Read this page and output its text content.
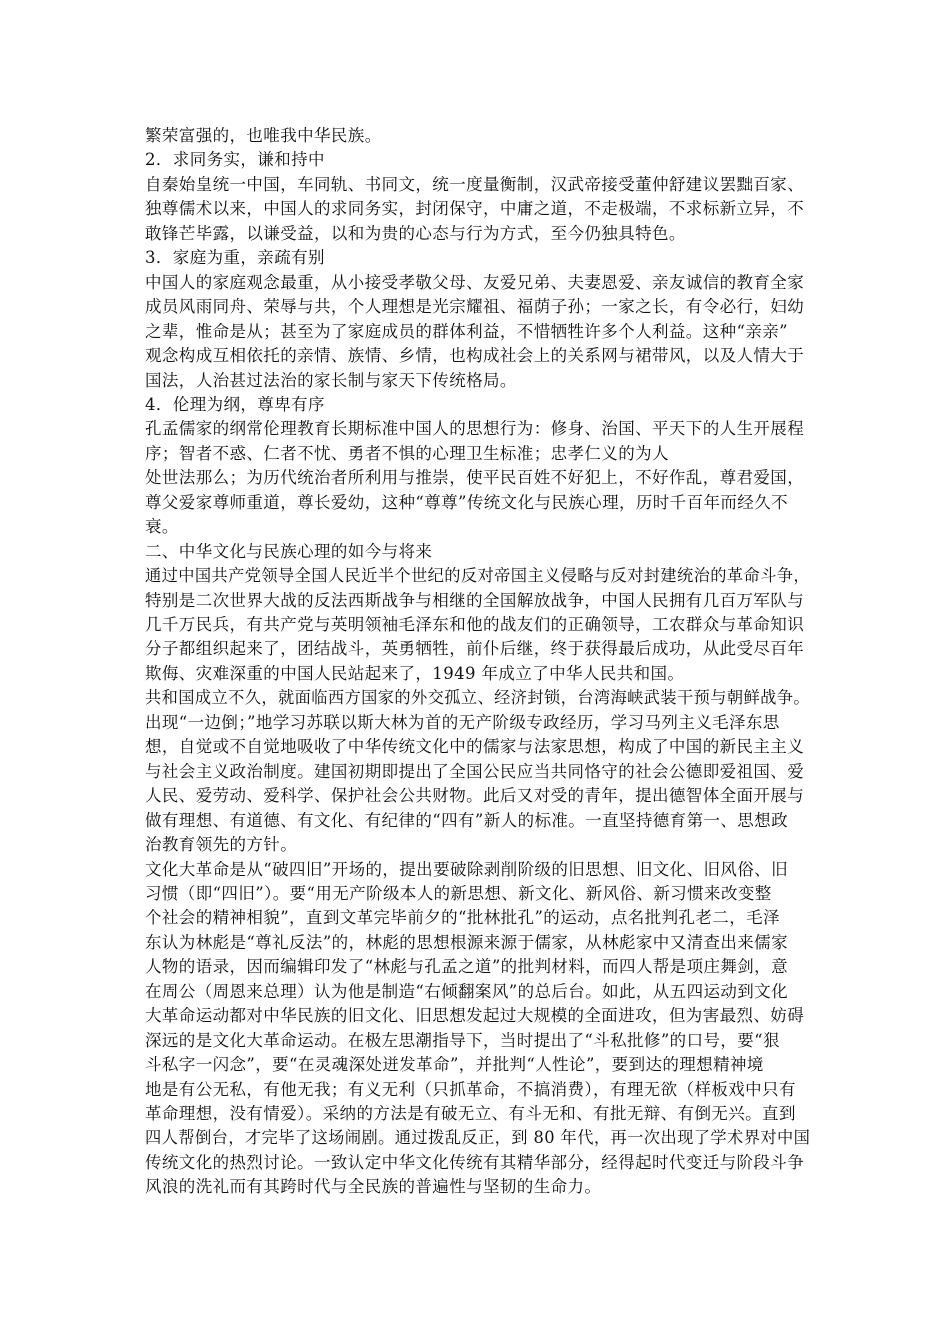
繁荣富强的，也唯我中华民族。
2．求同务实，谦和持中
自秦始皇统一中国，车同轨、书同文，统一度量衡制，汉武帝接受董仲舒建议罢黜百家、
独尊儒术以来，中国人的求同务实，封闭保守，中庸之道，不走极端，不求标新立异，不
敢锋芒毕露，以谦受益，以和为贵的心态与行为方式，至今仍独具特色。
3．家庭为重，亲疏有别
中国人的家庭观念最重，从小接受孝敬父母、友爱兄弟、夫妻恩爱、亲友诚信的教育全家
成员风雨同舟、荣辱与共，个人理想是光宗耀祖、福荫子孙；一家之长，有令必行，妇幼
之辈，惟命是从；甚至为了家庭成员的群体利益，不惜牺牲许多个人利益。这种“亲亲”
观念构成互相依托的亲情、族情、乡情，也构成社会上的关系网与裙带风，以及人情大于
国法，人治甚过法治的家长制与家天下传统格局。
4．伦理为纲，尊卑有序
孔孟儒家的纲常伦理教育长期标准中国人的思想行为：修身、治国、平天下的人生开展程
序；智者不惑、仁者不忧、勇者不惧的心理卫生标准；忠孝仁义的为人
处世法那么；为历代统治者所利用与推崇，使平民百姓不好犯上，不好作乱，尊君爱国，
尊父爱家尊师重道，尊长爱幼，这种“尊尊”传统文化与民族心理，历时千百年而经久不
衰。
二、中华文化与民族心理的如今与将来
通过中国共产党领导全国人民近半个世纪的反对帝国主义侵略与反对封建统治的革命斗争，
特别是二次世界大战的反法西斯战争与相继的全国解放战争，中国人民拥有几百万军队与
几千万民兵，有共产党与英明领袖毛泽东和他的战友们的正确领导，工农群众与革命知识
分子都组织起来了，团结战斗，英勇牺牲，前仆后继，终于获得最后成功，从此受尽百年
欺侮、灾难深重的中国人民站起来了，1949 年成立了中华人民共和国。
共和国成立不久，就面临西方国家的外交孤立、经济封锁，台湾海峡武装干预与朝鲜战争。
出现“一边倒；”地学习苏联以斯大林为首的无产阶级专政经历，学习马列主义毛泽东思
想，自觉或不自觉地吸收了中华传统文化中的儒家与法家思想，构成了中国的新民主主义
与社会主义政治制度。建国初期即提出了全国公民应当共同恪守的社会公德即爱祖国、爱
人民、爱劳动、爱科学、保护社会公共财物。此后又对受的青年，提出德智体全面开展与
做有理想、有道德、有文化、有纪律的“四有”新人的标准。一直坚持德育第一、思想政
治教育领先的方针。
文化大革命是从“破四旧”开场的，提出要破除剥削阶级的旧思想、旧文化、旧风俗、旧
习惯（即“四旧”）。要“用无产阶级本人的新思想、新文化、新风俗、新习惯来改变整
个社会的精神相貌”，直到文革完毕前夕的“批林批孔”的运动，点名批判孔老二，毛泽
东认为林彪是“尊礼反法”的，林彪的思想根源来源于儒家，从林彪家中又清查出来儒家
人物的语录，因而编辑印发了“林彪与孔孟之道”的批判材料，而四人帮是项庄舞剑，意
在周公（周恩来总理）认为他是制造“右倾翻案风”的总后台。如此，从五四运动到文化
大革命运动都对中华民族的旧文化、旧思想发起过大规模的全面进攻，但为害最烈、妨碍
深远的是文化大革命运动。在极左思潮指导下，当时提出了“斗私批修”的口号，要“狠
斗私字一闪念”，要“在灵魂深处迸发革命”，并批判“人性论”，要到达的理想精神境
地是有公无私，有他无我；有义无利（只抓革命，不搞消费），有理无欲（样板戏中只有
革命理想，没有情爱）。采纳的方法是有破无立、有斗无和、有批无辩、有倒无兴。直到
四人帮倒台，才完毕了这场闹剧。通过拨乱反正，到 80 年代，再一次出现了学术界对中国
传统文化的热烈讨论。一致认定中华文化传统有其精华部分，经得起时代变迁与阶段斗争
风浪的洗礼而有其跨时代与全民族的普遍性与坚韧的生命力。
